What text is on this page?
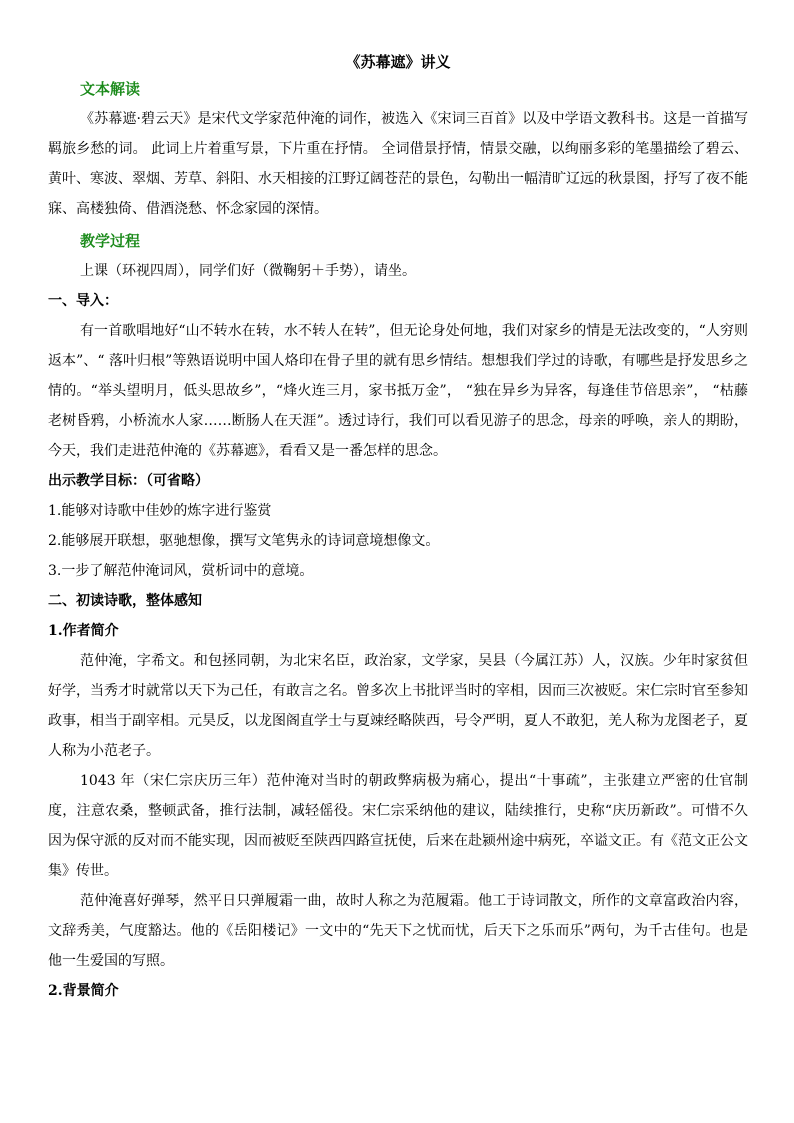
《苏幕遮》讲义
文本解读

《苏幕遮·碧云天》是宋代文学家范仲淹的词作，被选入《宋词三百首》以及中学语文教科书。这是一首描写羁旅乡愁的词。 此词上片着重写景，下片重在抒情。 全词借景抒情，情景交融，以绚丽多彩的笔墨描绘了碧云、黄叶、寒波、翠烟、芳草、斜阳、水天相接的江野辽阔苍茫的景色，勾勒出一幅清旷辽远的秋景图，抒写了夜不能寐、高楼独倚、借酒浇愁、怀念家园的深情。

教学过程

上课（环视四周），同学们好（微鞠躬＋手势），请坐。

一、导入：

有一首歌唱地好“山不转水在转，水不转人在转”，但无论身处何地，我们对家乡的情是无法改变的，“人穷则返本”、“ 落叶归根”等熟语说明中国人烙印在骨子里的就有思乡情结。想想我们学过的诗歌，有哪些是抒发思乡之情的。“举头望明月，低头思故乡”，“烽火连三月，家书抵万金”， “独在异乡为异客，每逢佳节倍思亲”， “枯藤老树昏鸦，小桥流水人家……断肠人在天涯”。透过诗行，我们可以看见游子的思念，母亲的呼唤，亲人的期盼，今天，我们走进范仲淹的《苏幕遮》，看看又是一番怎样的思念。

出示教学目标：（可省略）
1.能够对诗歌中佳妙的炼字进行鉴赏
2.能够展开联想，驱驰想像，撰写文笔隽永的诗词意境想像文。
3.一步了解范仲淹词风，赏析词中的意境。
二、初读诗歌，整体感知
1.作者简介

范仲淹，字希文。和包拯同朝，为北宋名臣，政治家，文学家，吴县（今属江苏）人，汉族。少年时家贫但好学，当秀才时就常以天下为己任，有敢言之名。曾多次上书批评当时的宰相，因而三次被贬。宋仁宗时官至参知政事，相当于副宰相。元昊反，以龙图阁直学士与夏竦经略陕西，号令严明，夏人不敢犯，羌人称为龙图老子，夏人称为小范老子。

1043 年（宋仁宗庆历三年）范仲淹对当时的朝政弊病极为痛心，提出“十事疏”，主张建立严密的仕官制度，注意农桑，整顿武备，推行法制，减轻傜役。宋仁宗采纳他的建议，陆续推行，史称“庆历新政”。可惜不久因为保守派的反对而不能实现，因而被贬至陕西四路宣抚使，后来在赴颍州途中病死，卒谥文正。有《范文正公文集》传世。

范仲淹喜好弹琴，然平日只弹履霜一曲，故时人称之为范履霜。他工于诗词散文，所作的文章富政治内容，文辞秀美，气度豁达。他的《岳阳楼记》一文中的“先天下之忧而忧，后天下之乐而乐”两句，为千古佳句。也是他一生爱国的写照。

2.背景简介
